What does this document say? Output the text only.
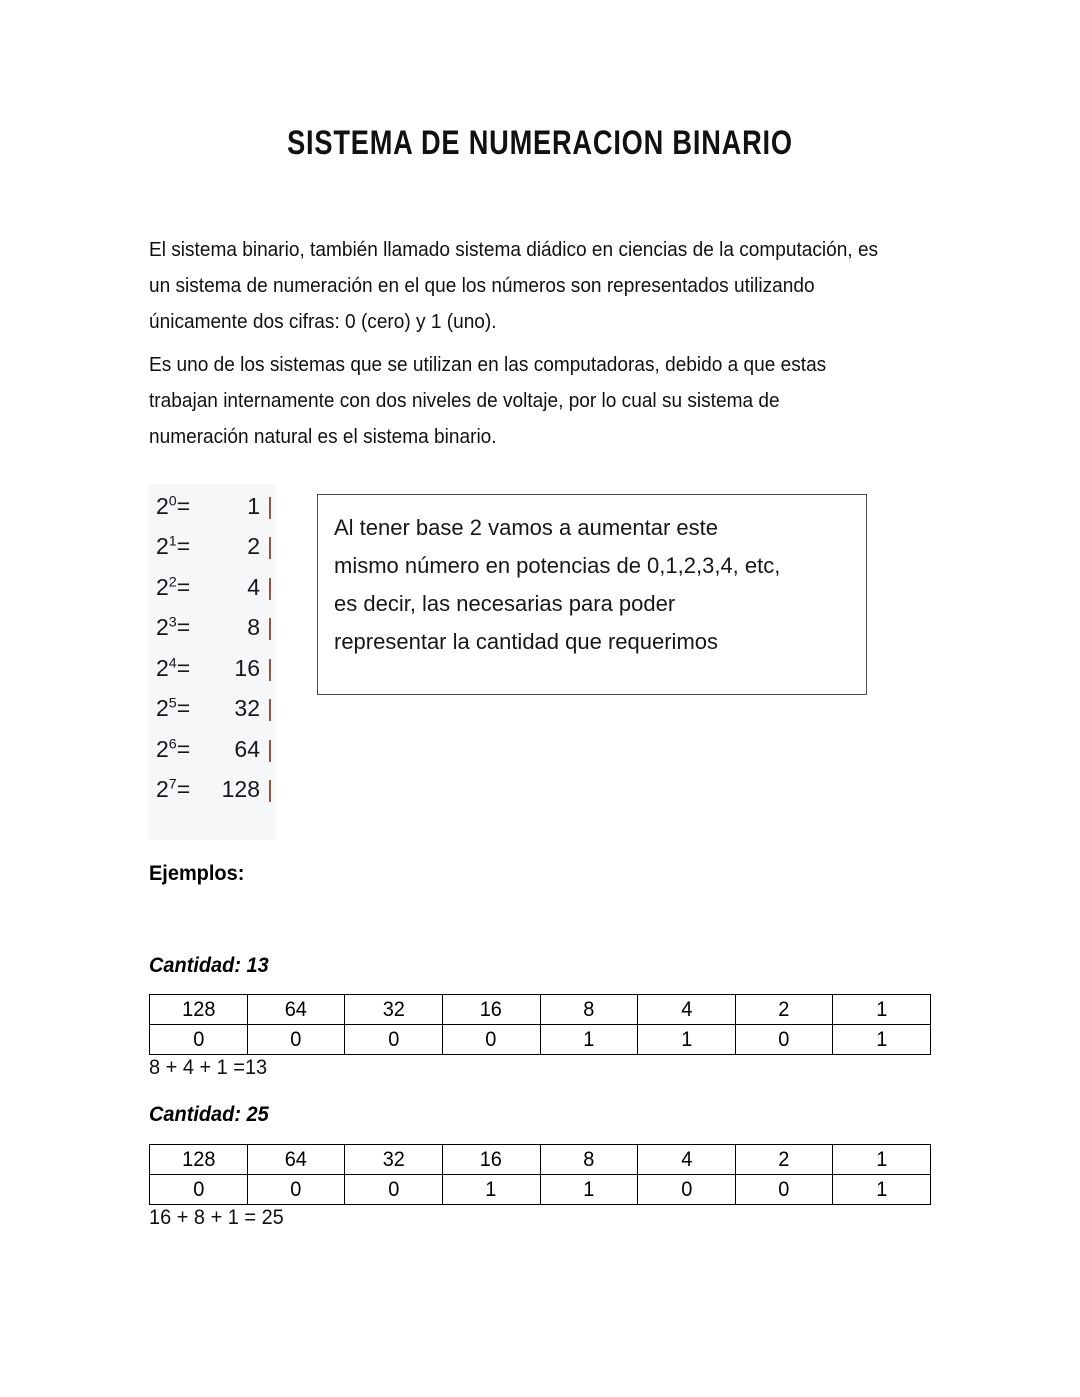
SISTEMA DE NUMERACION BINARIO
El sistema binario, también llamado sistema diádico en ciencias de la computación, es un sistema de numeración en el que los números son representados utilizando únicamente dos cifras: 0 (cero) y 1 (uno).
Es uno de los sistemas que se utilizan en las computadoras, debido a que estas trabajan internamente con dos niveles de voltaje, por lo cual su sistema de numeración natural es el sistema binario.
$2^0=$	1 |
$2^1=$	2 |
$2^2=$	4 |
$2^3=$	8 |
$2^4=$	16 |
$2^5=$	32 |
$2^6=$	64 |
$2^7=$	128 |
Al tener base 2 vamos a aumentar este
mismo número en potencias de 0,1,2,3,4, etc,
es decir, las necesarias para poder
representar la cantidad que requerimos
Ejemplos:
Cantidad: 13
128	64	32	16	8	4	2	1
0	0	0	0	1	1	0	1
8 + 4 + 1 =13
Cantidad: 25
128	64	32	16	8	4	2	1
0	0	0	1	1	0	0	1
16 + 8 + 1 = 25
